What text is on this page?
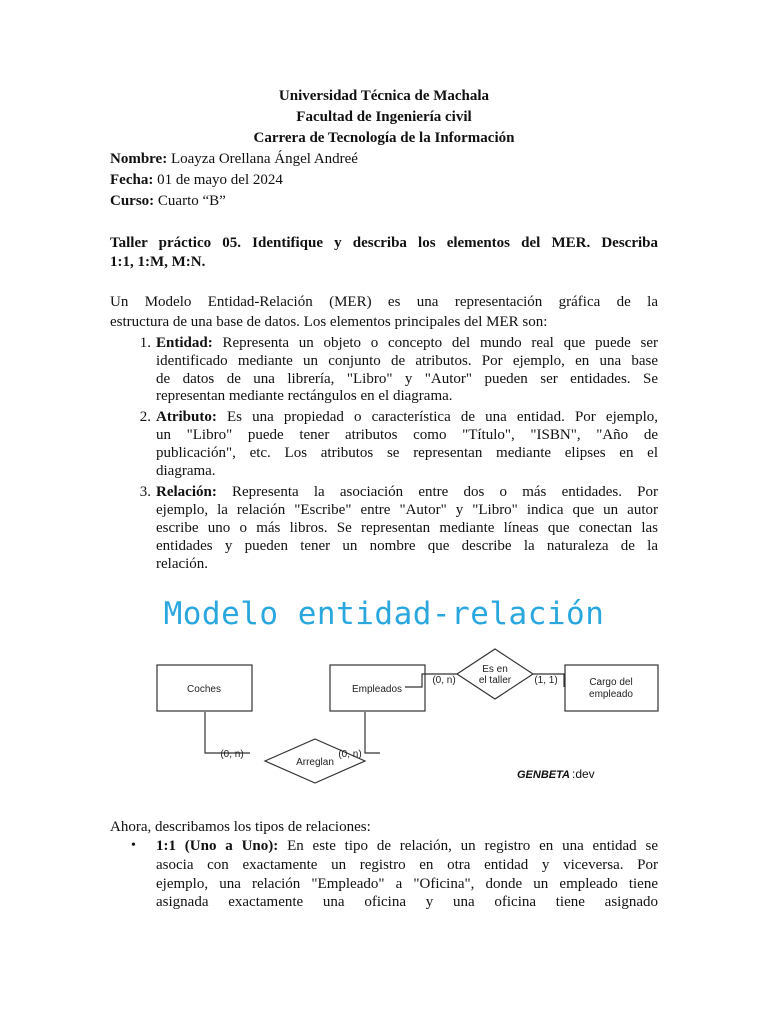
Universidad Técnica de Machala
Facultad de Ingeniería civil
Carrera de Tecnología de la Información
Nombre: Loayza Orellana Ángel Andreé
Fecha: 01 de mayo del 2024
Curso: Cuarto “B”
Taller práctico 05. Identifique y describa los elementos del MER. Describa
1:1, 1:M, M:N.
Un Modelo Entidad-Relación (MER) es una representación gráfica de la
estructura de una base de datos. Los elementos principales del MER son:
1. Entidad: Representa un objeto o concepto del mundo real que puede ser
identificado mediante un conjunto de atributos. Por ejemplo, en una base
de datos de una librería, "Libro" y "Autor" pueden ser entidades. Se
representan mediante rectángulos en el diagrama.
2. Atributo: Es una propiedad o característica de una entidad. Por ejemplo,
un "Libro" puede tener atributos como "Título", "ISBN", "Año de
publicación", etc. Los atributos se representan mediante elipses en el
diagrama.
3. Relación: Representa la asociación entre dos o más entidades. Por
ejemplo, la relación "Escribe" entre "Autor" y "Libro" indica que un autor
escribe uno o más libros. Se representan mediante líneas que conectan las
entidades y pueden tener un nombre que describe la naturaleza de la
relación.
Modelo entidad-relación
Coches	Empleados
Cargo del
empleado
Es en
el taller
Arreglan
(0, n)	(1, 1)
(0, n)	(0, n)
GENBETA :dev
Ahora, describamos los tipos de relaciones:
• 1:1 (Uno a Uno): En este tipo de relación, un registro en una entidad se
asocia con exactamente un registro en otra entidad y viceversa. Por
ejemplo, una relación "Empleado" a "Oficina", donde un empleado tiene
asignada exactamente una oficina y una oficina tiene asignado
